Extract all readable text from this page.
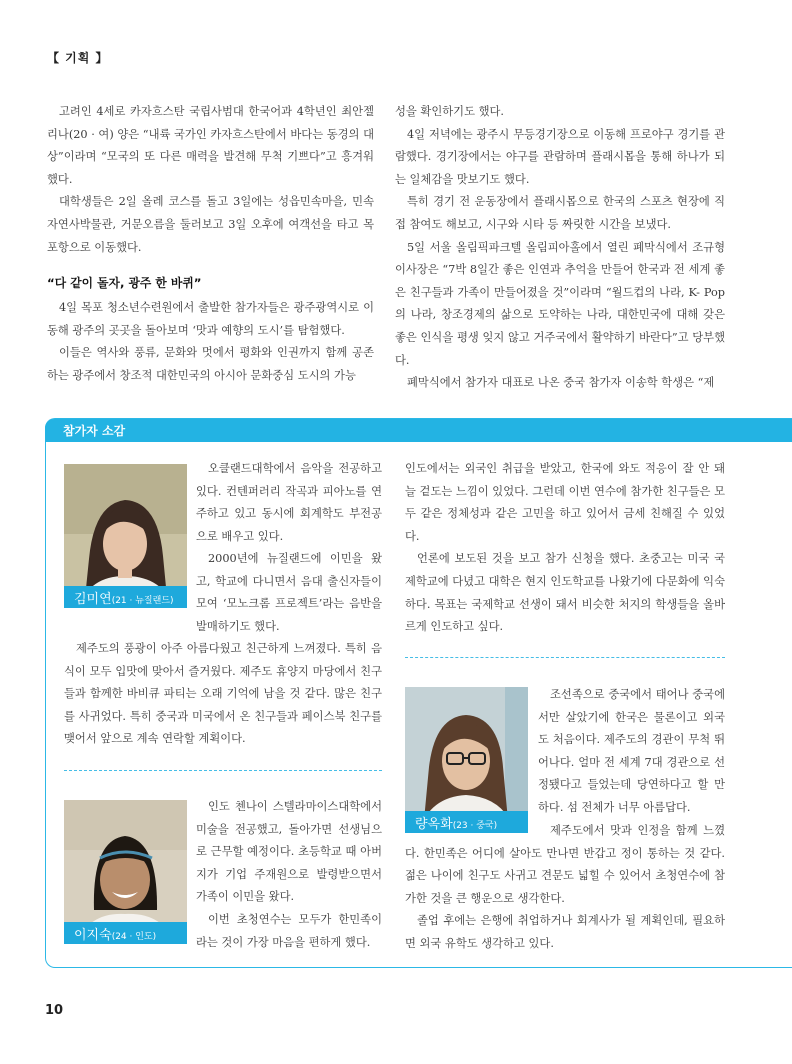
【 기획 】

고려인 4세로 카자흐스탄 국립사범대 한국어과 4학년인 최안젤리나(20 · 여) 양은 “내륙 국가인 카자흐스탄에서 바다는 동경의 대상”이라며 “모국의 또 다른 매력을 발견해 무척 기쁘다”고 흥겨워했다.

대학생들은 2일 올레 코스를 돌고 3일에는 성읍민속마을, 민속자연사박물관, 거문오름을 둘러보고 3일 오후에 여객선을 타고 목포항으로 이동했다.

“다 같이 돌자, 광주 한 바퀴”

4일 목포 청소년수련원에서 출발한 참가자들은 광주광역시로 이동해 광주의 곳곳을 돌아보며 ‘맛과 예향의 도시’를 탐험했다.

이들은 역사와 풍류, 문화와 멋에서 평화와 인권까지 함께 공존하는 광주에서 창조적 대한민국의 아시아 문화중심 도시의 가능

성을 확인하기도 했다.

4일 저녁에는 광주시 무등경기장으로 이동해 프로야구 경기를 관람했다. 경기장에서는 야구를 관람하며 플래시몹을 통해 하나가 되는 일체감을 맛보기도 했다.

특히 경기 전 운동장에서 플래시몹으로 한국의 스포츠 현장에 직접 참여도 해보고, 시구와 시타 등 짜릿한 시간을 보냈다.

5일 서울 올림픽파크텔 올림피아홀에서 열린 폐막식에서 조규형 이사장은 “7박 8일간 좋은 인연과 추억을 만들어 한국과 전 세계 좋은 친구들과 가족이 만들어졌을 것”이라며 “월드컵의 나라, K- Pop의 나라, 창조경제의 삶으로 도약하는 나라, 대한민국에 대해 갖은 좋은 인식을 평생 잊지 않고 거주국에서 활약하기 바란다”고 당부했다.

폐막식에서 참가자 대표로 나온 중국 참가자 이송학 학생은 “제

참가자 소감
김미연(21 · 뉴질랜드)

오클랜드대학에서 음악을 전공하고 있다. 컨텐퍼러리 작곡과 피아노를 연주하고 있고 동시에 회계학도 부전공으로 배우고 있다.

2000년에 뉴질랜드에 이민을 왔고, 학교에 다니면서 음대 출신자들이 모여 ‘모노크롬 프로젝트’라는 음반을 발매하기도 했다.

제주도의 풍광이 아주 아름다웠고 친근하게 느껴졌다. 특히 음식이 모두 입맛에 맞아서 즐거웠다. 제주도 휴양지 마당에서 친구들과 함께한 바비큐 파티는 오래 기억에 남을 것 같다. 많은 친구를 사귀었다. 특히 중국과 미국에서 온 친구들과 페이스북 친구를 맺어서 앞으로 계속 연락할 계획이다.

이지숙(24 · 인도)

인도 첸나이 스텔라마이스대학에서 미술을 전공했고, 돌아가면 선생님으로 근무할 예정이다. 초등학교 때 아버지가 기업 주재원으로 발령받으면서 가족이 이민을 왔다.

이번 초청연수는 모두가 한민족이라는 것이 가장 마음을 편하게 했다.

인도에서는 외국인 취급을 받았고, 한국에 와도 적응이 잘 안 돼 늘 겉도는 느낌이 있었다. 그런데 이번 연수에 참가한 친구들은 모두 같은 정체성과 같은 고민을 하고 있어서 금세 친해질 수 있었다.

언론에 보도된 것을 보고 참가 신청을 했다. 초중고는 미국 국제학교에 다녔고 대학은 현지 인도학교를 나왔기에 다문화에 익숙하다. 목표는 국제학교 선생이 돼서 비슷한 처지의 학생들을 올바르게 인도하고 싶다.

량옥화(23 · 중국)

조선족으로 중국에서 태어나 중국에서만 살았기에 한국은 물론이고 외국도 처음이다. 제주도의 경관이 무척 뛰어나다. 얼마 전 세계 7대 경관으로 선정됐다고 들었는데 당연하다고 할 만하다. 섬 전체가 너무 아름답다.

제주도에서 맛과 인정을 함께 느꼈다. 한민족은 어디에 살아도 만나면 반갑고 정이 통하는 것 같다. 젊은 나이에 친구도 사귀고 견문도 넓힐 수 있어서 초청연수에 참가한 것을 큰 행운으로 생각한다.

졸업 후에는 은행에 취업하거나 회계사가 될 계획인데, 필요하면 외국 유학도 생각하고 있다.

10
